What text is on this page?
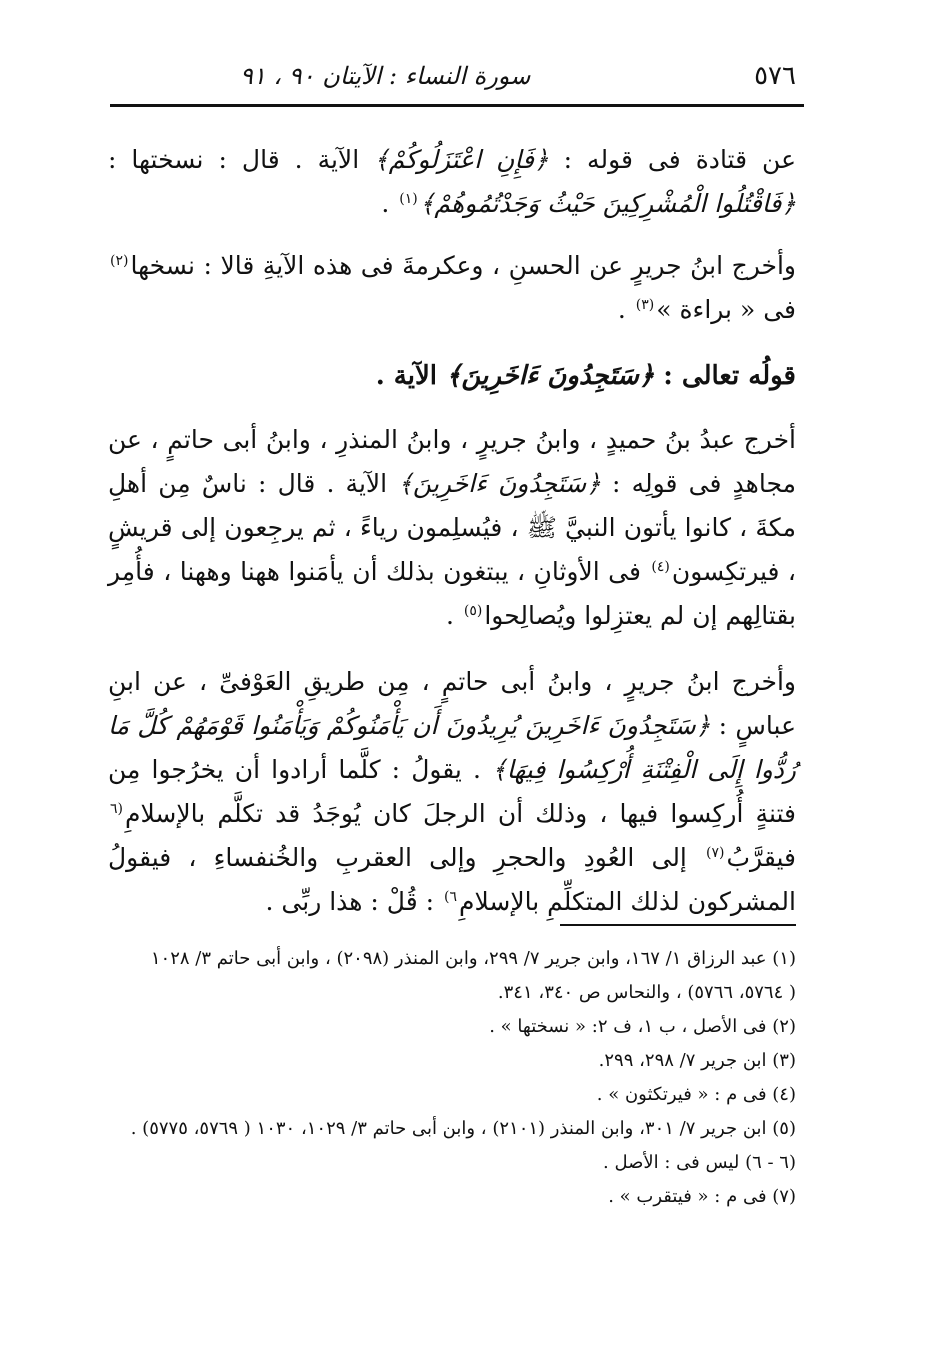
٥٧٦
سورة النساء : الآيتان ٩٠ ، ٩١

عن قتادة فى قوله : ﴿فَإِنِ اعْتَزَلُوكُمْ﴾ الآية . قال : نسختها : ﴿فَاقْتُلُوا الْمُشْرِكِينَ حَيْثُ وَجَدْتُمُوهُمْ﴾$^{(١)}$ .

وأخرج ابنُ جريرٍ عن الحسنِ ، وعكرمةَ فى هذه الآيةِ قالا : نسخها$^{(٢)}$ فى « براءة »$^{(٣)}$ .

قولُه تعالى : ﴿سَتَجِدُونَ ءَاخَرِينَ﴾ الآية .

أخرج عبدُ بنُ حميدٍ ، وابنُ جريرٍ ، وابنُ المنذرِ ، وابنُ أبى حاتمٍ ، عن مجاهدٍ فى قولِه : ﴿سَتَجِدُونَ ءَاخَرِينَ﴾ الآية . قال : ناسٌ مِن أهلِ مكةَ ، كانوا يأتون النبيَّ ﷺ ، فيُسلِمون رياءً ، ثم يرجِعون إلى قريشٍ ، فيرتكِسون$^{(٤)}$ فى الأوثانِ ، يبتغون بذلك أن يأمَنوا ههنا وههنا ، فأُمِر بقتالِهم إن لم يعتزِلوا ويُصالِحوا$^{(٥)}$ .

وأخرج ابنُ جريرٍ ، وابنُ أبى حاتمٍ ، مِن طريقِ العَوْفىِّ ، عن ابنِ عباسٍ : ﴿سَتَجِدُونَ ءَاخَرِينَ يُرِيدُونَ أَن يَأْمَنُوكُمْ وَيَأْمَنُوا قَوْمَهُمْ كُلَّ مَا رُدُّوا إِلَى الْفِتْنَةِ أُرْكِسُوا فِيهَا﴾ . يقولُ : كلَّما أرادوا أن يخرُجوا مِن فتنةٍ أُركِسوا فيها ، وذلك أن الرجلَ كان يُوجَدُ قد تكلَّم بالإسلامِ$^{(٦}$ فيقرَّبُ$^{(٧)}$ إلى العُودِ والحجرِ وإلى العقربِ والخُنفساءِ ، فيقولُ المشركون لذلك المتكلِّمِ بالإسلامِ$^{٦)}$ : قُلْ : هذا ربِّى .

(١) عبد الرزاق ١/ ١٦٧، وابن جرير ٧/ ٢٩٩، وابن المنذر (٢٠٩٨) ، وابن أبى حاتم ٣/ ١٠٢٨

( ٥٧٦٤، ٥٧٦٦) ، والنحاس ص ٣٤٠، ٣٤١.

(٢) فى الأصل ، ب ١، ف ٢: « نسختها » .

(٣) ابن جرير ٧/ ٢٩٨، ٢٩٩.

(٤) فى م : « فيرتكثون » .

(٥) ابن جرير ٧/ ٣٠١، وابن المنذر (٢١٠١) ، وابن أبى حاتم ٣/ ١٠٢٩، ١٠٣٠ ( ٥٧٦٩، ٥٧٧٥) .

(٦ - ٦) ليس فى : الأصل .

(٧) فى م : « فيتقرب » .
